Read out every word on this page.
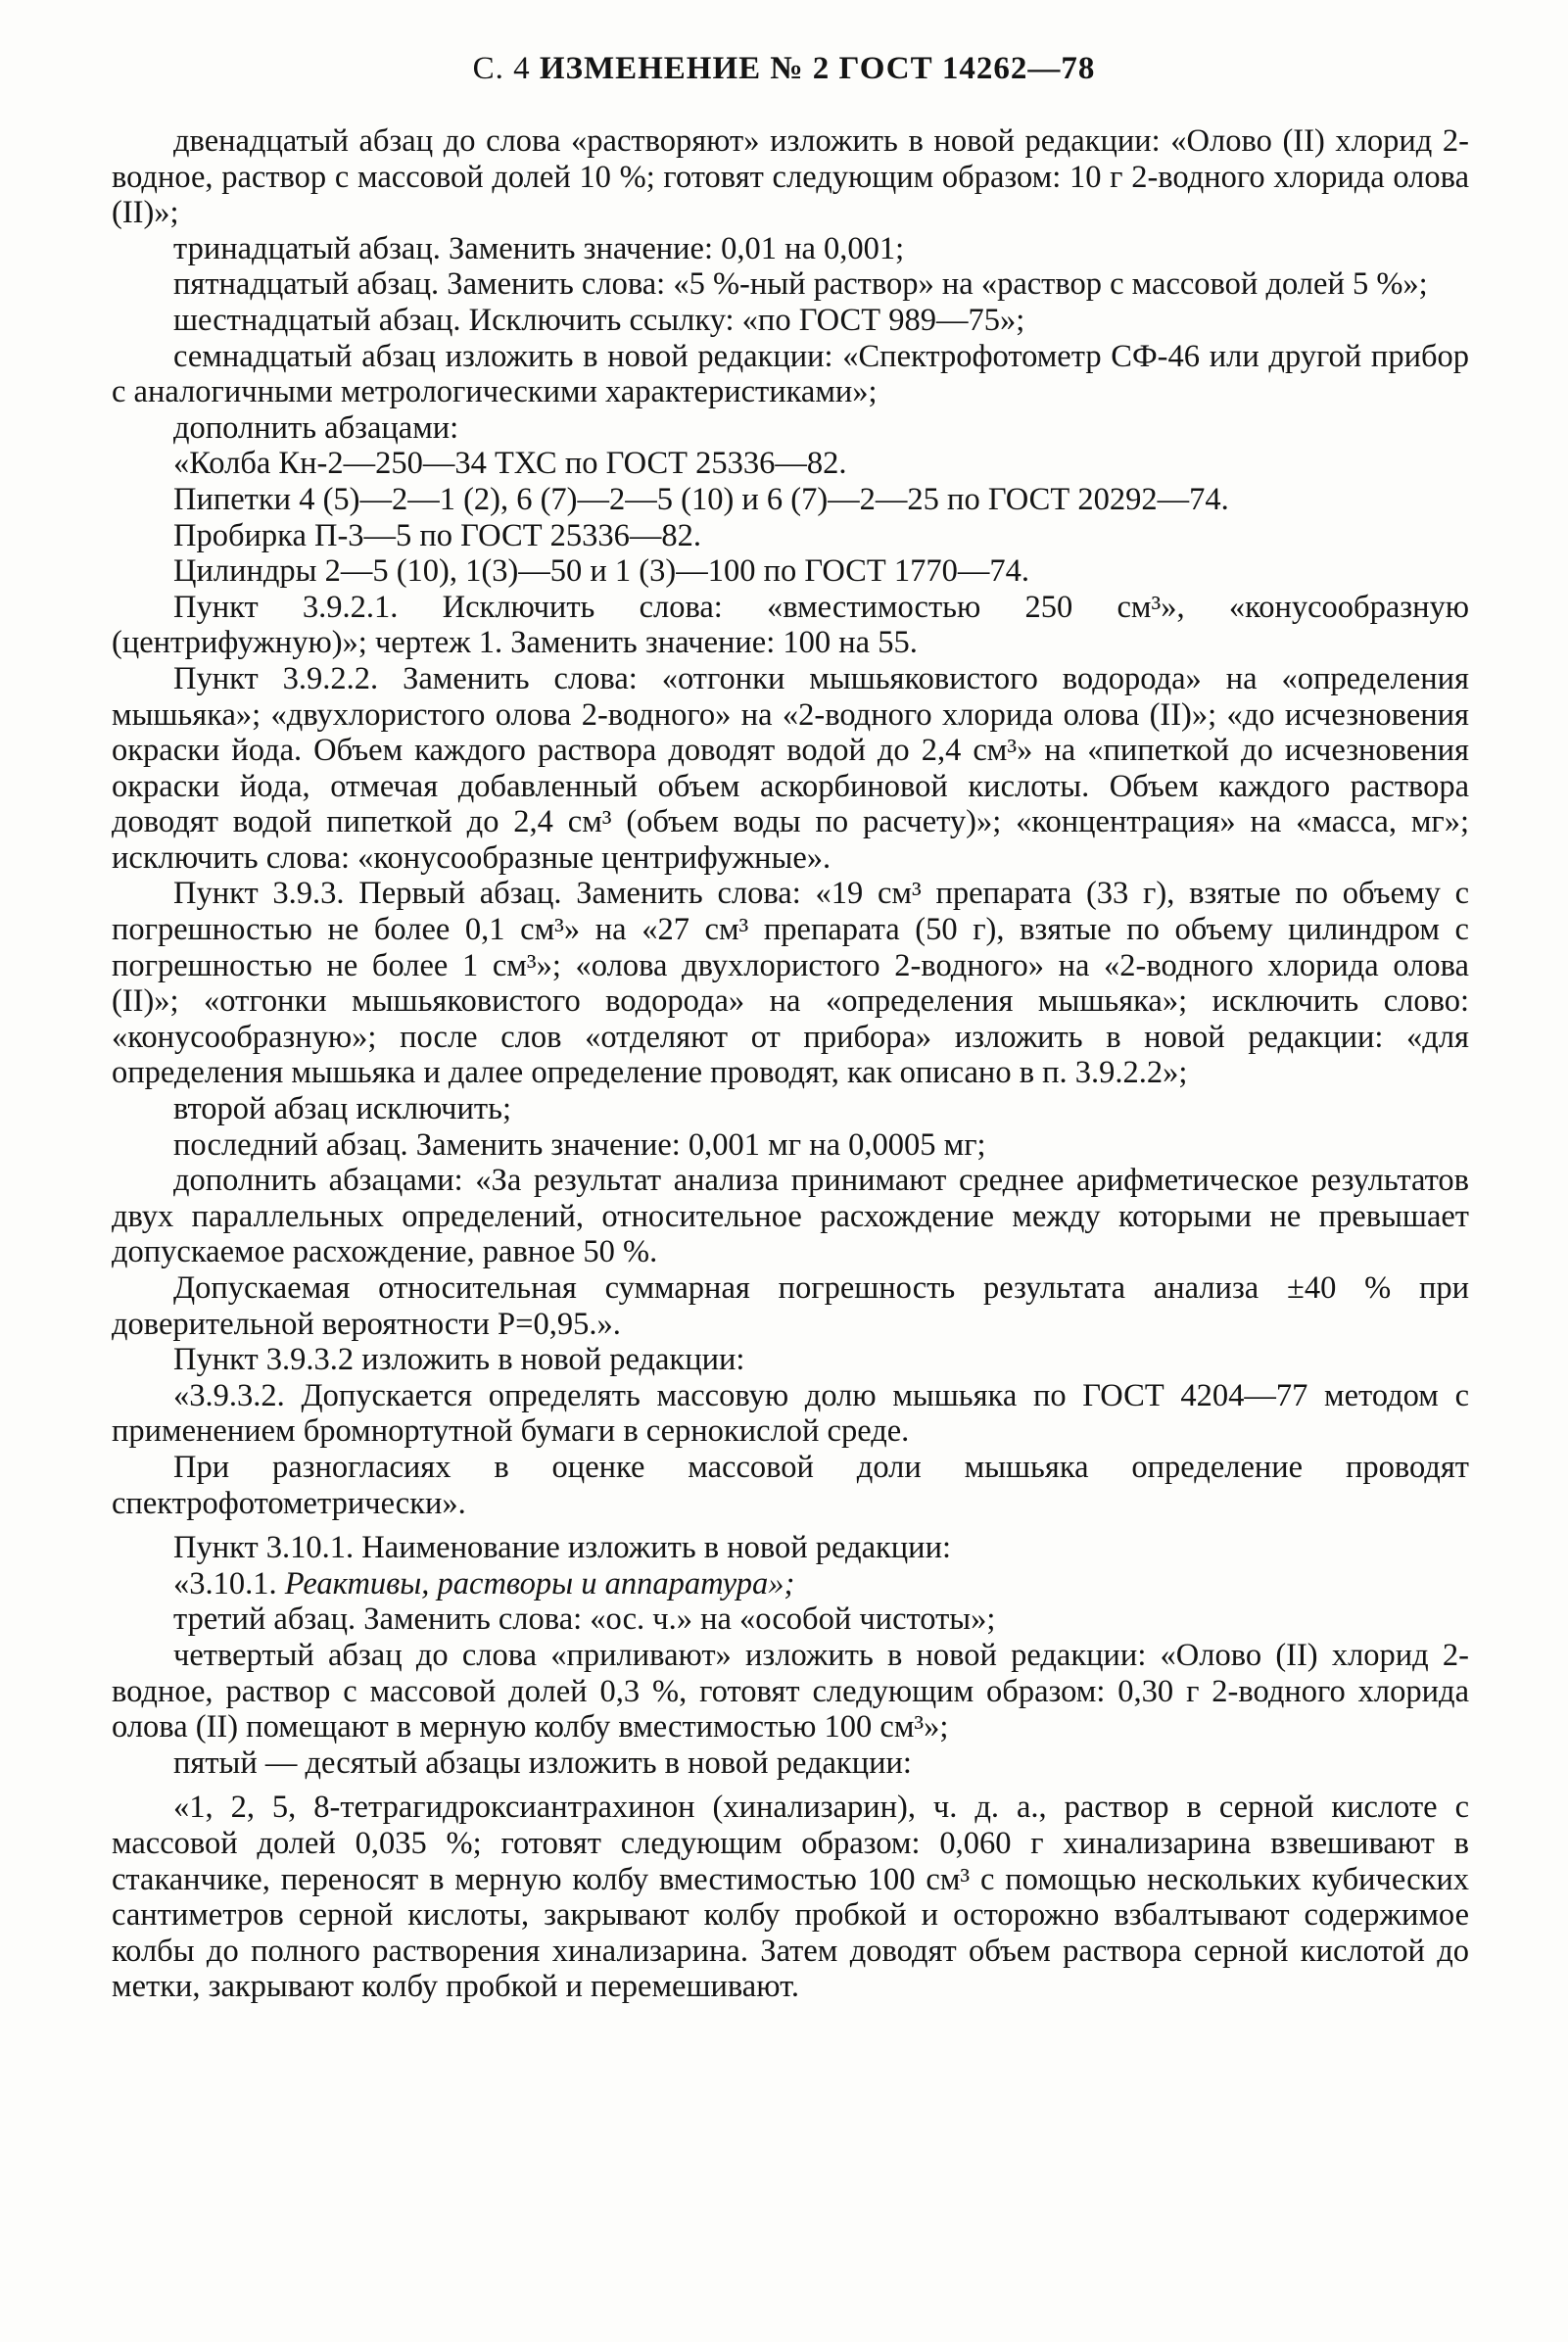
С. 4 ИЗМЕНЕНИЕ № 2 ГОСТ 14262—78

двенадцатый абзац до слова «растворяют» изложить в новой редакции: «Олово (II) хлорид 2-водное, раствор с массовой долей 10 %; готовят следующим образом: 10 г 2-водного хлорида олова (II)»;

тринадцатый абзац. Заменить значение: 0,01 на 0,001;

пятнадцатый абзац. Заменить слова: «5 %-ный раствор» на «раствор с массовой долей 5 %»;

шестнадцатый абзац. Исключить ссылку: «по ГОСТ 989—75»;

семнадцатый абзац изложить в новой редакции: «Спектрофотометр СФ-46 или другой прибор с аналогичными метрологическими характеристиками»;

дополнить абзацами:

«Колба Кн-2—250—34 ТХС по ГОСТ 25336—82.

Пипетки 4 (5)—2—1 (2), 6 (7)—2—5 (10) и 6 (7)—2—25 по ГОСТ 20292—74.

Пробирка П-3—5 по ГОСТ 25336—82.

Цилиндры 2—5 (10), 1(3)—50 и 1 (3)—100 по ГОСТ 1770—74.

Пункт 3.9.2.1. Исключить слова: «вместимостью 250 см³», «конусообразную (центрифужную)»; чертеж 1. Заменить значение: 100 на 55.

Пункт 3.9.2.2. Заменить слова: «отгонки мышьяковистого водорода» на «определения мышьяка»; «двухлористого олова 2-водного» на «2-водного хлорида олова (II)»; «до исчезновения окраски йода. Объем каждого раствора доводят водой до 2,4 см³» на «пипеткой до исчезновения окраски йода, отмечая добавленный объем аскорбиновой кислоты. Объем каждого раствора доводят водой пипеткой до 2,4 см³ (объем воды по расчету)»; «концентрация» на «масса, мг»; исключить слова: «конусообразные центрифужные».

Пункт 3.9.3. Первый абзац. Заменить слова: «19 см³ препарата (33 г), взятые по объему с погрешностью не более 0,1 см³» на «27 см³ препарата (50 г), взятые по объему цилиндром с погрешностью не более 1 см³»; «олова двухлористого 2-водного» на «2-водного хлорида олова (II)»; «отгонки мышьяковистого водорода» на «определения мышьяка»; исключить слово: «конусообразную»; после слов «отделяют от прибора» изложить в новой редакции: «для определения мышьяка и далее определение проводят, как описано в п. 3.9.2.2»;

второй абзац исключить;

последний абзац. Заменить значение: 0,001 мг на 0,0005 мг;

дополнить абзацами: «За результат анализа принимают среднее арифметическое результатов двух параллельных определений, относительное расхождение между которыми не превышает допускаемое расхождение, равное 50 %.

Допускаемая относительная суммарная погрешность результата анализа ±40 % при доверительной вероятности P=0,95.».

Пункт 3.9.3.2 изложить в новой редакции:

«3.9.3.2. Допускается определять массовую долю мышьяка по ГОСТ 4204—77 методом с применением бромнортутной бумаги в сернокислой среде.

При разногласиях в оценке массовой доли мышьяка определение проводят спектрофотометрически».

Пункт 3.10.1. Наименование изложить в новой редакции:

«3.10.1. Реактивы, растворы и аппаратура»;

третий абзац. Заменить слова: «ос. ч.» на «особой чистоты»;

четвертый абзац до слова «приливают» изложить в новой редакции: «Олово (II) хлорид 2-водное, раствор с массовой долей 0,3 %, готовят следующим образом: 0,30 г 2-водного хлорида олова (II) помещают в мерную колбу вместимостью 100 см³»;

пятый — десятый абзацы изложить в новой редакции:

«1, 2, 5, 8-тетрагидроксиантрахинон (хинализарин), ч. д. а., раствор в серной кислоте с массовой долей 0,035 %; готовят следующим образом: 0,060 г хинализарина взвешивают в стаканчике, переносят в мерную колбу вместимостью 100 см³ с помощью нескольких кубических сантиметров серной кислоты, закрывают колбу пробкой и осторожно взбалтывают содержимое колбы до полного растворения хинализарина. Затем доводят объем раствора серной кислотой до метки, закрывают колбу пробкой и перемешивают.
